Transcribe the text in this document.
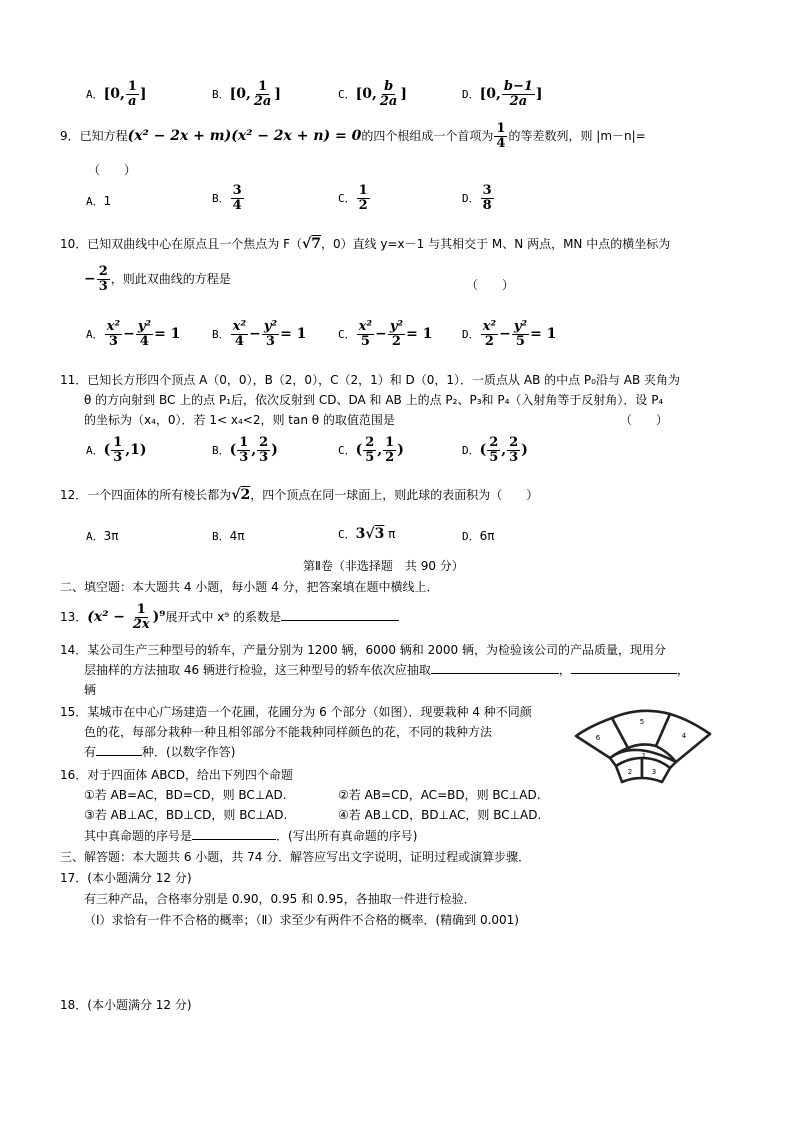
A．[0, $\frac{1}{a}$ ]	B．[0, $\frac{1}{2a}$ ]	C．[0, $\frac{b}{2a}$ ]	D．[0, $\frac{b-1}{2a}$ ]
9．已知方程(x² − 2x + m)(x² − 2x + n) = 0的四个根组成一个首项为 $\frac{1}{4}$ 的等差数列，则 |m－n|=
（　　）
A．1	B． $\frac{3}{4}$	C． $\frac{1}{2}$	D． $\frac{3}{8}$
10．已知双曲线中心在原点且一个焦点为 F（√7，0）直线 y=x－1 与其相交于 M、N 两点，MN 中点的横坐标为
− $\frac{2}{3}$ ，则此双曲线的方程是	（　　）
A． $\frac{\text{x²}}{3} - \frac{\text{y²}}{4} = 1$	B． $\frac{\text{x²}}{4} - \frac{\text{y²}}{3} = 1$	C． $\frac{\text{x²}}{5} - \frac{\text{y²}}{2} = 1$	D． $\frac{\text{x²}}{2} - \frac{\text{y²}}{5} = 1$
11．已知长方形四个顶点 A（0，0），B（2，0），C（2，1）和 D（0，1）．一质点从 AB 的中点 P₀沿与 AB 夹角为
θ 的方向射到 BC 上的点 P₁后，依次反射到 CD、DA 和 AB 上的点 P₂、P₃和 P₄（入射角等于反射角）．设 P₄
的坐标为（x₄，0）．若 1< x₄<2，则 tan θ 的取值范围是	（　　）
A．( $\frac{1}{3} ,1$)	B．( $\frac{1}{3}$ , $\frac{2}{3}$ )	C．( $\frac{2}{5}$ , $\frac{1}{2}$ )	D．( $\frac{2}{5}$ , $\frac{2}{3}$ )
12．一个四面体的所有棱长都为√2，四个顶点在同一球面上，则此球的表面积为（　　）
A．3π	B．4π	C．3√3 π	D．6π
第Ⅱ卷（非选择题　共 90 分）
二、填空题：本大题共 4 小题，每小题 4 分，把答案填在题中横线上．
13．$(x^2 - \frac{1}{2x} )^9$展开式中 x⁹ 的系数是
14．某公司生产三种型号的轿车，产量分别为 1200 辆，6000 辆和 2000 辆，为检验该公司的产品质量，现用分
层抽样的方法抽取 46 辆进行检验，这三种型号的轿车依次应抽取	，	，
辆
15．某城市在中心广场建造一个花圃，花圃分为 6 个部分（如图）．现要栽种 4 种不同颜
色的花，每部分栽种一种且相邻部分不能栽种同样颜色的花，不同的栽种方法
有	种．(以数字作答)	1
2	3
4
5
6
16．对于四面体 ABCD，给出下列四个命题
①若 AB=AC，BD=CD，则 BC⊥AD.	②若 AB=CD，AC=BD，则 BC⊥AD.
③若 AB⊥AC，BD⊥CD，则 BC⊥AD.	④若 AB⊥CD，BD⊥AC，则 BC⊥AD.
其中真命题的序号是	．(写出所有真命题的序号)
三、解答题：本大题共 6 小题，共 74 分．解答应写出文字说明，证明过程或演算步骤．
17．(本小题满分 12 分)
有三种产品，合格率分别是 0.90，0.95 和 0.95，各抽取一件进行检验．
（Ⅰ）求恰有一件不合格的概率；（Ⅱ）求至少有两件不合格的概率．(精确到 0.001)
18．(本小题满分 12 分)
